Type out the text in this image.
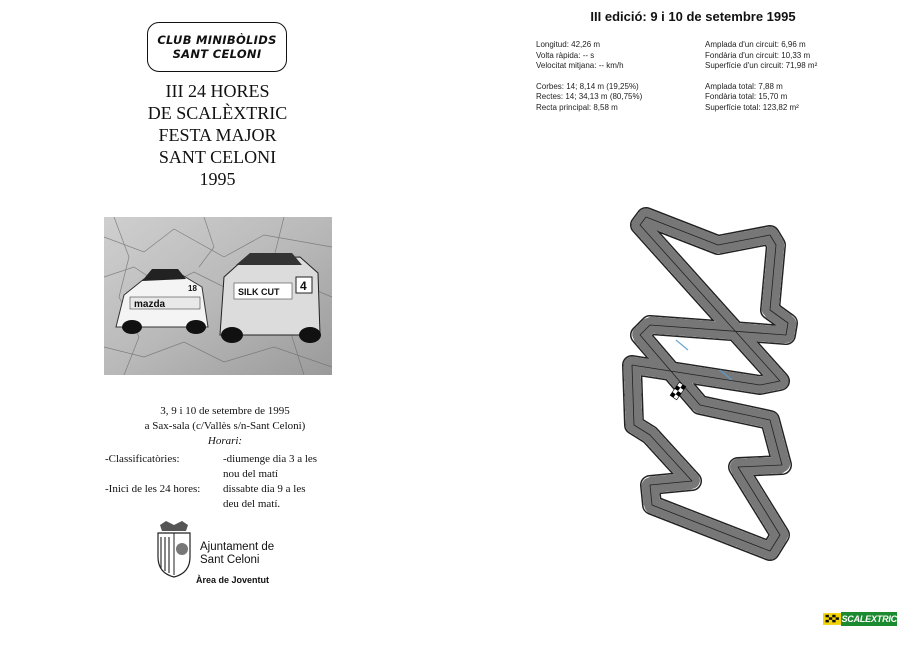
CLUB MINIBÒLIDS
SANT CELONI
III 24 HORES
DE SCALÈXTRIC
FESTA MAJOR
SANT CELONI
1995
mazda
18	SILK CUT 4
3, 9 i 10 de setembre de 1995
a Sax-sala (c/Vallès s/n-Sant Celoni)
Horari:
-Classificatòries:	-diumenge dia 3 a les
nou del matí
-Inici de les 24 hores:	dissabte dia 9 a les
deu del matí.
Ajuntament de
Sant Celoni
Àrea de Joventut
III edició: 9 i 10 de setembre 1995
Longitud: 42,26 m
Volta ràpida: -- s
Velocitat mitjana: -- km/h
Corbes: 14; 8,14 m (19,25%)
Rectes: 14; 34,13 m (80,75%)
Recta principal: 8,58 m
Amplada d'un circuit: 6,96 m
Fondària d'un circuit: 10,33 m
Superfície d'un circuit: 71,98 m²
Amplada total: 7,88 m
Fondària total: 15,70 m
Superfície total: 123,82 m²
SCALEXTRIC
